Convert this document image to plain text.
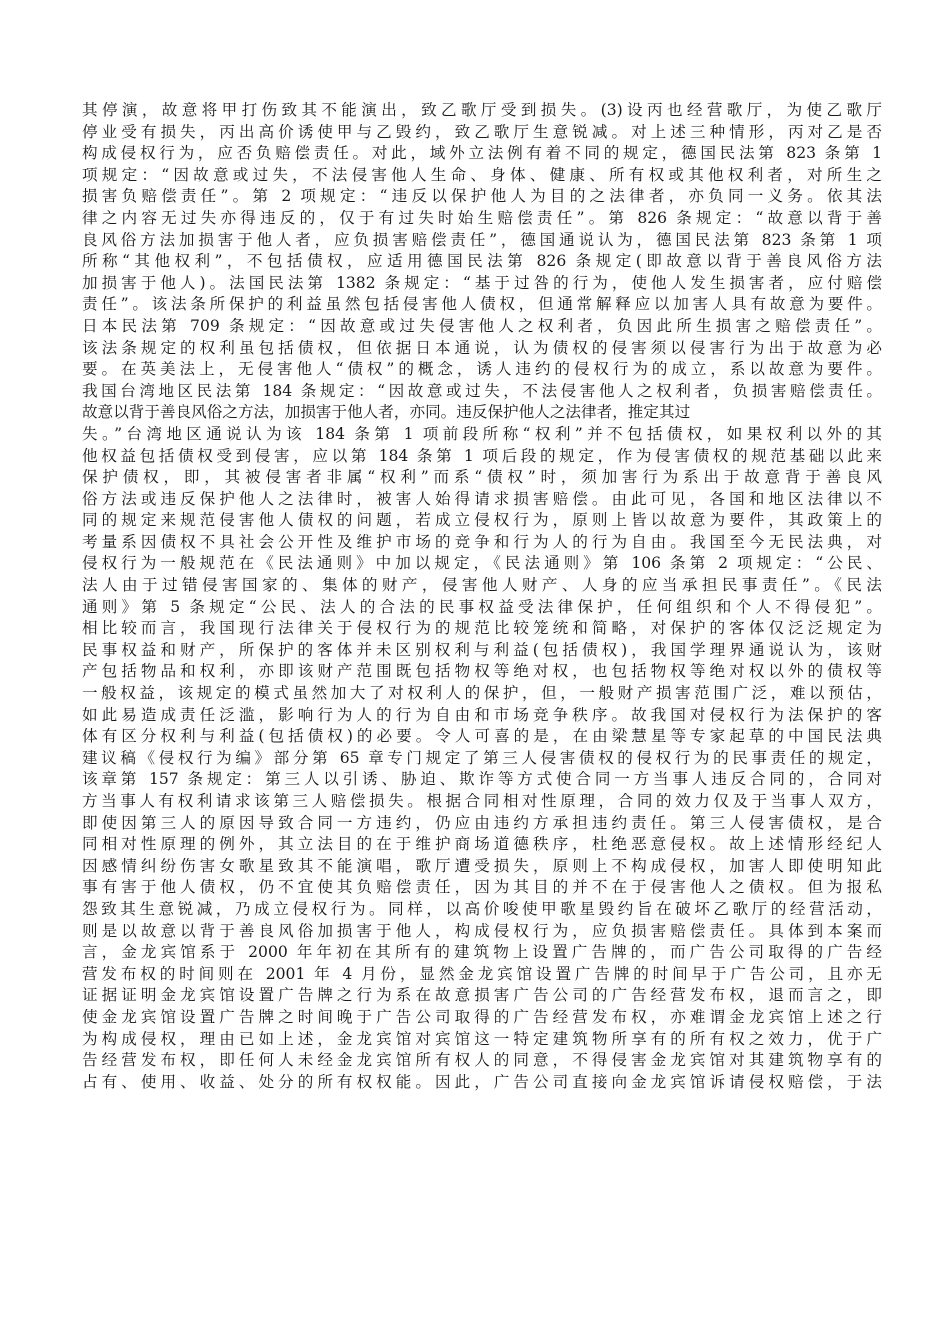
其停演，故意将甲打伤致其不能演出，致乙歌厅受到损失。(3)设丙也经营歌厅，为使乙歌厅
停业受有损失，丙出高价诱使甲与乙毁约，致乙歌厅生意锐减。对上述三种情形，丙对乙是否
构成侵权行为，应否负赔偿责任。对此，域外立法例有着不同的规定，德国民法第 823 条第 1
项规定：“因故意或过失，不法侵害他人生命、身体、健康、所有权或其他权利者，对所生之
损害负赔偿责任”。第 2 项规定：“违反以保护他人为目的之法律者，亦负同一义务。依其法
律之内容无过失亦得违反的，仅于有过失时始生赔偿责任”。第 826 条规定：“故意以背于善
良风俗方法加损害于他人者，应负损害赔偿责任”，德国通说认为，德国民法第 823 条第 1 项
所称“其他权利”，不包括债权，应适用德国民法第 826 条规定(即故意以背于善良风俗方法
加损害于他人)。法国民法第 1382 条规定：“基于过咎的行为，使他人发生损害者，应付赔偿
责任”。该法条所保护的利益虽然包括侵害他人债权，但通常解释应以加害人具有故意为要件。
日本民法第 709 条规定：“因故意或过失侵害他人之权利者，负因此所生损害之赔偿责任”。
该法条规定的权利虽包括债权，但依据日本通说，认为债权的侵害须以侵害行为出于故意为必
要。在英美法上，无侵害他人“债权”的概念，诱人违约的侵权行为的成立，系以故意为要件。
我国台湾地区民法第 184 条规定：“因故意或过失，不法侵害他人之权利者，负损害赔偿责任。
故意以背于善良风俗之方法，加损害于他人者，亦同。违反保护他人之法律者，推定其过
失。”台湾地区通说认为该 184 条第 1 项前段所称“权利”并不包括债权，如果权利以外的其
他权益包括债权受到侵害，应以第 184 条第 1 项后段的规定，作为侵害债权的规范基础以此来
保护债权，即，其被侵害者非属“权利”而系“债权”时，须加害行为系出于故意背于善良风
俗方法或违反保护他人之法律时，被害人始得请求损害赔偿。由此可见，各国和地区法律以不
同的规定来规范侵害他人债权的问题，若成立侵权行为，原则上皆以故意为要件，其政策上的
考量系因债权不具社会公开性及维护市场的竞争和行为人的行为自由。我国至今无民法典，对
侵权行为一般规范在《民法通则》中加以规定，《民法通则》第 106 条第 2 项规定：“公民、
法人由于过错侵害国家的、集体的财产，侵害他人财产、人身的应当承担民事责任”。《民法
通则》第 5 条规定“公民、法人的合法的民事权益受法律保护，任何组织和个人不得侵犯”。
相比较而言，我国现行法律关于侵权行为的规范比较笼统和简略，对保护的客体仅泛泛规定为
民事权益和财产，所保护的客体并未区别权利与利益(包括债权)，我国学理界通说认为，该财
产包括物品和权利，亦即该财产范围既包括物权等绝对权，也包括物权等绝对权以外的债权等
一般权益，该规定的模式虽然加大了对权利人的保护，但，一般财产损害范围广泛，难以预估，
如此易造成责任泛滥，影响行为人的行为自由和市场竞争秩序。故我国对侵权行为法保护的客
体有区分权利与利益(包括债权)的必要。令人可喜的是，在由梁慧星等专家起草的中国民法典
建议稿《侵权行为编》部分第 65 章专门规定了第三人侵害债权的侵权行为的民事责任的规定，
该章第 157 条规定：第三人以引诱、胁迫、欺诈等方式使合同一方当事人违反合同的，合同对
方当事人有权利请求该第三人赔偿损失。根据合同相对性原理，合同的效力仅及于当事人双方，
即使因第三人的原因导致合同一方违约，仍应由违约方承担违约责任。第三人侵害债权，是合
同相对性原理的例外，其立法目的在于维护商场道德秩序，杜绝恶意侵权。故上述情形经纪人
因感情纠纷伤害女歌星致其不能演唱，歌厅遭受损失，原则上不构成侵权，加害人即使明知此
事有害于他人债权，仍不宜使其负赔偿责任，因为其目的并不在于侵害他人之债权。但为报私
怨致其生意锐减，乃成立侵权行为。同样，以高价唆使甲歌星毁约旨在破坏乙歌厅的经营活动，
则是以故意以背于善良风俗加损害于他人，构成侵权行为，应负损害赔偿责任。具体到本案而
言，金龙宾馆系于 2000 年年初在其所有的建筑物上设置广告牌的，而广告公司取得的广告经
营发布权的时间则在 2001 年 4 月份，显然金龙宾馆设置广告牌的时间早于广告公司，且亦无
证据证明金龙宾馆设置广告牌之行为系在故意损害广告公司的广告经营发布权，退而言之，即
使金龙宾馆设置广告牌之时间晚于广告公司取得的广告经营发布权，亦难谓金龙宾馆上述之行
为构成侵权，理由已如上述，金龙宾馆对宾馆这一特定建筑物所享有的所有权之效力，优于广
告经营发布权，即任何人未经金龙宾馆所有权人的同意，不得侵害金龙宾馆对其建筑物享有的
占有、使用、收益、处分的所有权权能。因此，广告公司直接向金龙宾馆诉请侵权赔偿，于法
